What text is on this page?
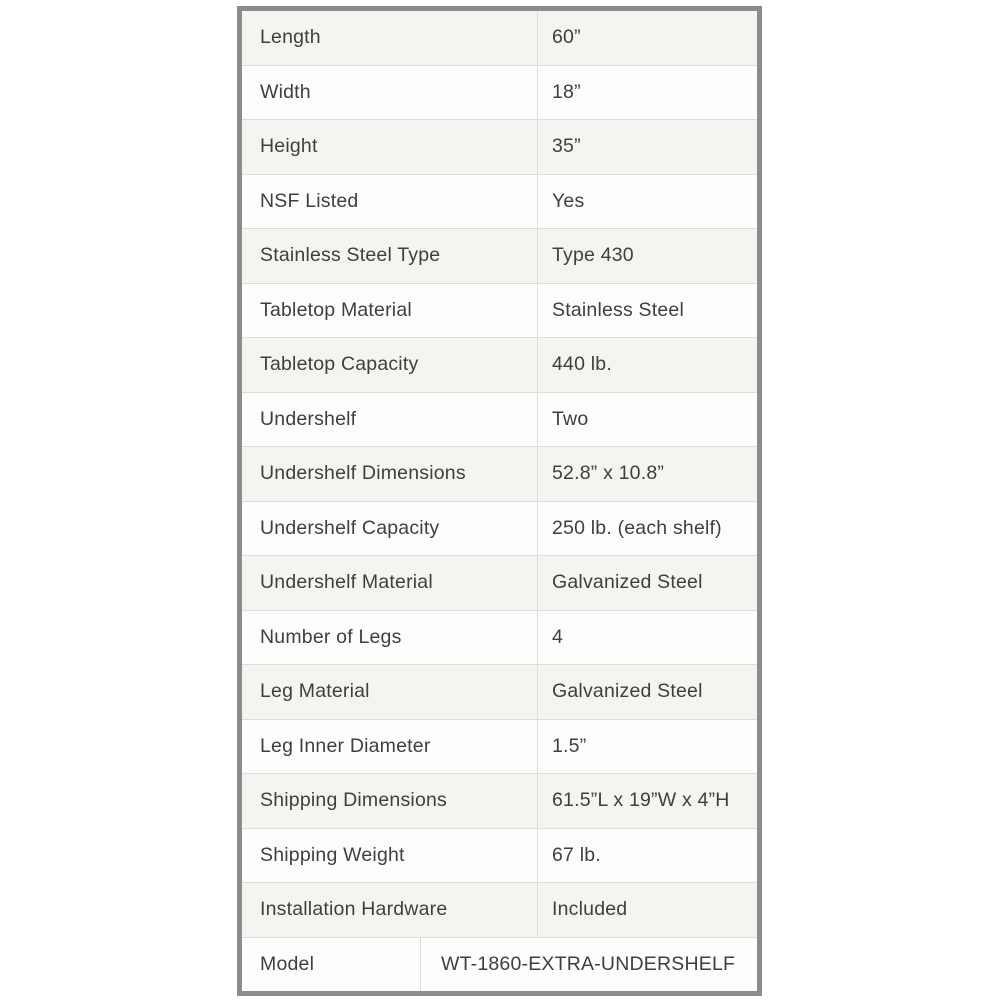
Length	60”
Width	18”
Height	35”
NSF Listed	Yes
Stainless Steel Type	Type 430
Tabletop Material	Stainless Steel
Tabletop Capacity	440 lb.
Undershelf	Two
Undershelf Dimensions	52.8” x 10.8”
Undershelf Capacity	250 lb. (each shelf)
Undershelf Material	Galvanized Steel
Number of Legs	4
Leg Material	Galvanized Steel
Leg Inner Diameter	1.5”
Shipping Dimensions	61.5”L x 19”W x 4”H
Shipping Weight	67 lb.
Installation Hardware	Included
Model	WT-1860-EXTRA-UNDERSHELF
